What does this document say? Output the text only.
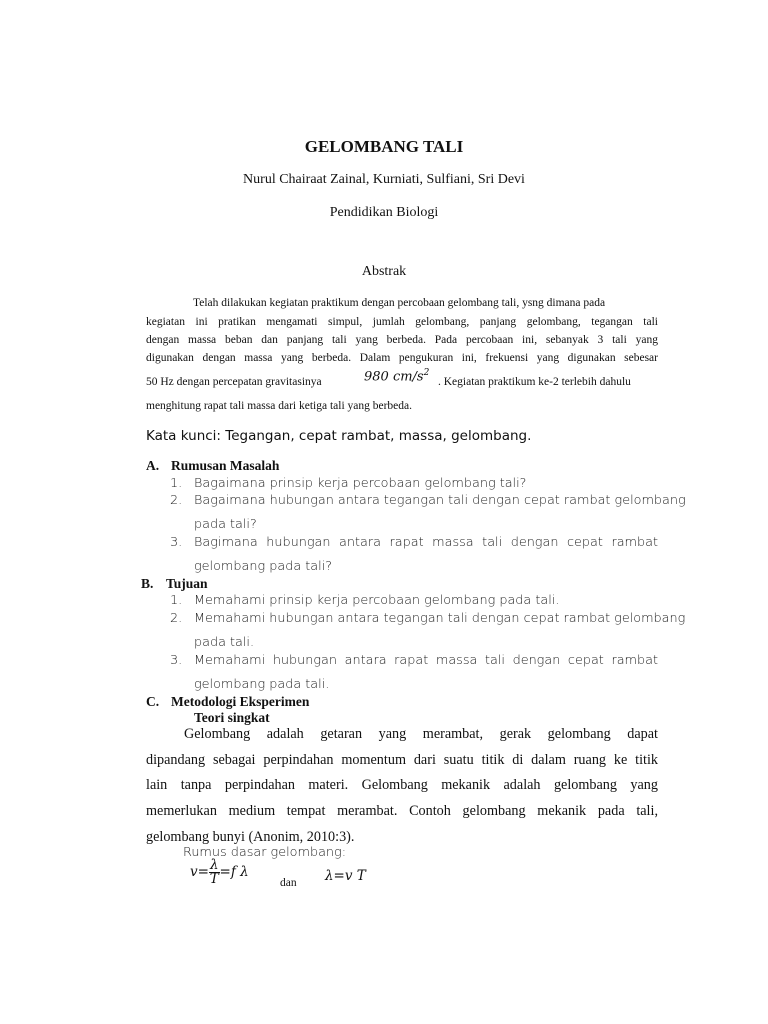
GELOMBANG TALI
Nurul Chairaat Zainal, Kurniati, Sulfiani, Sri Devi
Pendidikan Biologi
Abstrak
Telah dilakukan kegiatan praktikum dengan percobaan gelombang tali, ysng dimana pada
kegiatan ini pratikan mengamati simpul, jumlah gelombang, panjang gelombang, tegangan tali
dengan massa beban dan panjang tali yang berbeda. Pada percobaan ini, sebanyak 3 tali yang
digunakan dengan massa yang berbeda. Dalam pengukuran ini, frekuensi yang digunakan sebesar
50 Hz dengan percepatan gravitasinya	980 $cm/s^2$
. Kegiatan praktikum ke-2 terlebih dahulu
menghitung rapat tali massa dari ketiga tali yang berbeda.
Kata kunci: Tegangan, cepat rambat, massa, gelombang.
A. Rumusan Masalah
1. Bagaimana prinsip kerja percobaan gelombang tali?
2. Bagaimana hubungan antara tegangan tali dengan cepat rambat gelombang
pada tali?
3. Bagimana hubungan antara rapat massa tali dengan cepat rambat
gelombang pada tali?
B. Tujuan
1. Memahami prinsip kerja percobaan gelombang pada tali.
2. Memahami hubungan antara tegangan tali dengan cepat rambat gelombang
pada tali.
3. Memahami hubungan antara rapat massa tali dengan cepat rambat
gelombang pada tali.
C. Metodologi Eksperimen
Teori singkat
Gelombang adalah getaran yang merambat, gerak gelombang dapat
dipandang sebagai perpindahan momentum dari suatu titik di dalam ruang ke titik
lain tanpa perpindahan materi. Gelombang mekanik adalah gelombang yang
memerlukan medium tempat merambat. Contoh gelombang mekanik pada tali,
gelombang bunyi (Anonim, 2010:3).
Rumus dasar gelombang:
$v= \frac{\lambda}{T} =f$ λ
dan λ=v T
